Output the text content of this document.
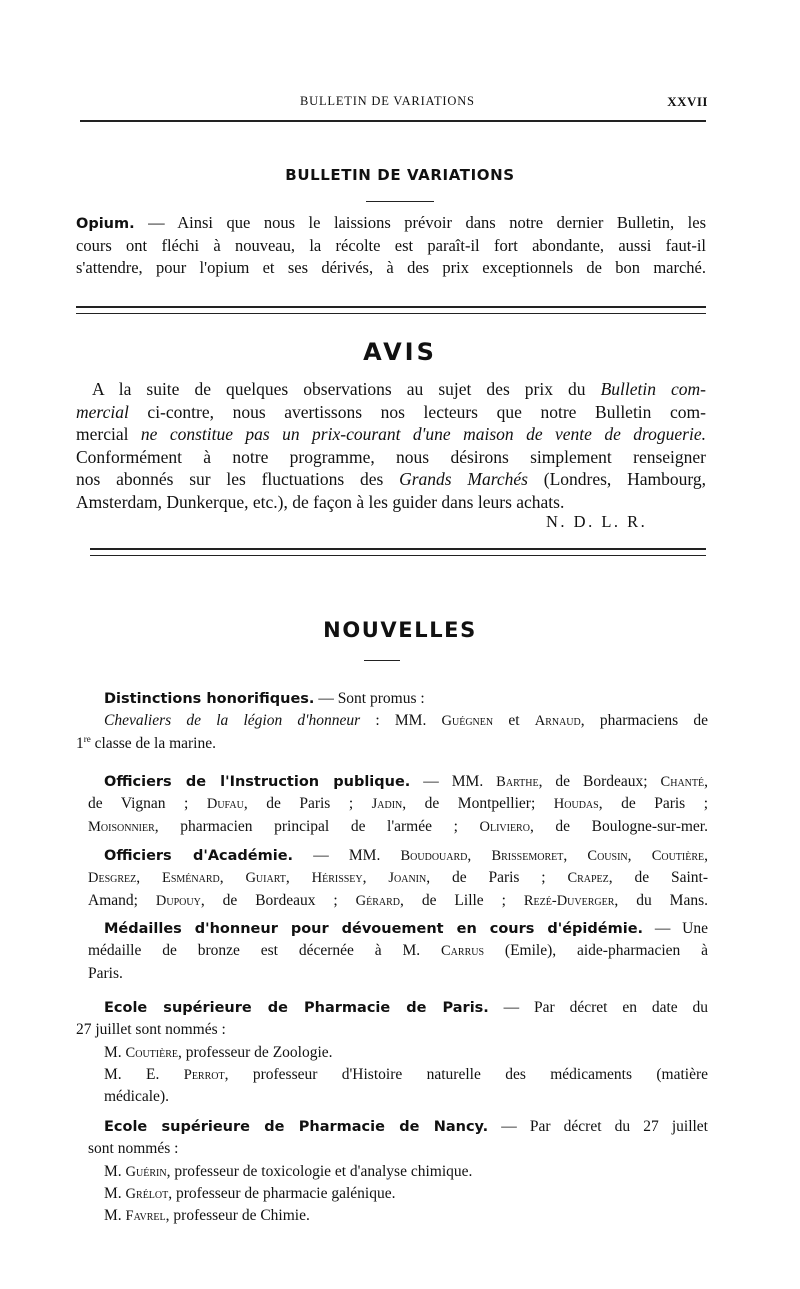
BULLETIN DE VARIATIONS	XXVII
BULLETIN DE VARIATIONS
Opium. — Ainsi que nous le laissions prévoir dans notre dernier Bulletin, les
cours ont fléchi à nouveau, la récolte est paraît-il fort abondante, aussi faut-il
s'attendre, pour l'opium et ses dérivés, à des prix exceptionnels de bon marché.
AVIS
A la suite de quelques observations au sujet des prix du Bulletin com-
mercial ci-contre, nous avertissons nos lecteurs que notre Bulletin com-
mercial ne constitue pas un prix-courant d'une maison de vente de droguerie.
Conformément à notre programme, nous désirons simplement renseigner
nos abonnés sur les fluctuations des Grands Marchés (Londres, Hambourg,
Amsterdam, Dunkerque, etc.), de façon à les guider dans leurs achats.
N. D. L. R.
NOUVELLES
Distinctions honorifiques. — Sont promus :
Chevaliers de la légion d'honneur : MM. Guégnen et Arnaud, pharmaciens de
1re classe de la marine.
Officiers de l'Instruction publique. — MM. Barthe, de Bordeaux; Chanté,
de Vignan ; Dufau, de Paris ; Jadin, de Montpellier; Houdas, de Paris ;
Moisonnier, pharmacien principal de l'armée ; Oliviero, de Boulogne-sur-mer.
Officiers d'Académie. — MM. Boudouard, Brissemoret, Cousin, Coutière,
Desgrez, Esménard, Guiart, Hérissey, Joanin, de Paris ; Crapez, de Saint-
Amand; Dupouy, de Bordeaux ; Gérard, de Lille ; Rezé-Duverger, du Mans.
Médailles d'honneur pour dévouement en cours d'épidémie. — Une
médaille de bronze est décernée à M. Carrus (Emile), aide-pharmacien à
Paris.
Ecole supérieure de Pharmacie de Paris. — Par décret en date du
27 juillet sont nommés :
M. Coutière, professeur de Zoologie.
M. E. Perrot, professeur d'Histoire naturelle des médicaments (matière
médicale).
Ecole supérieure de Pharmacie de Nancy. — Par décret du 27 juillet
sont nommés :
M. Guérin, professeur de toxicologie et d'analyse chimique.
M. Grélot, professeur de pharmacie galénique.
M. Favrel, professeur de Chimie.
